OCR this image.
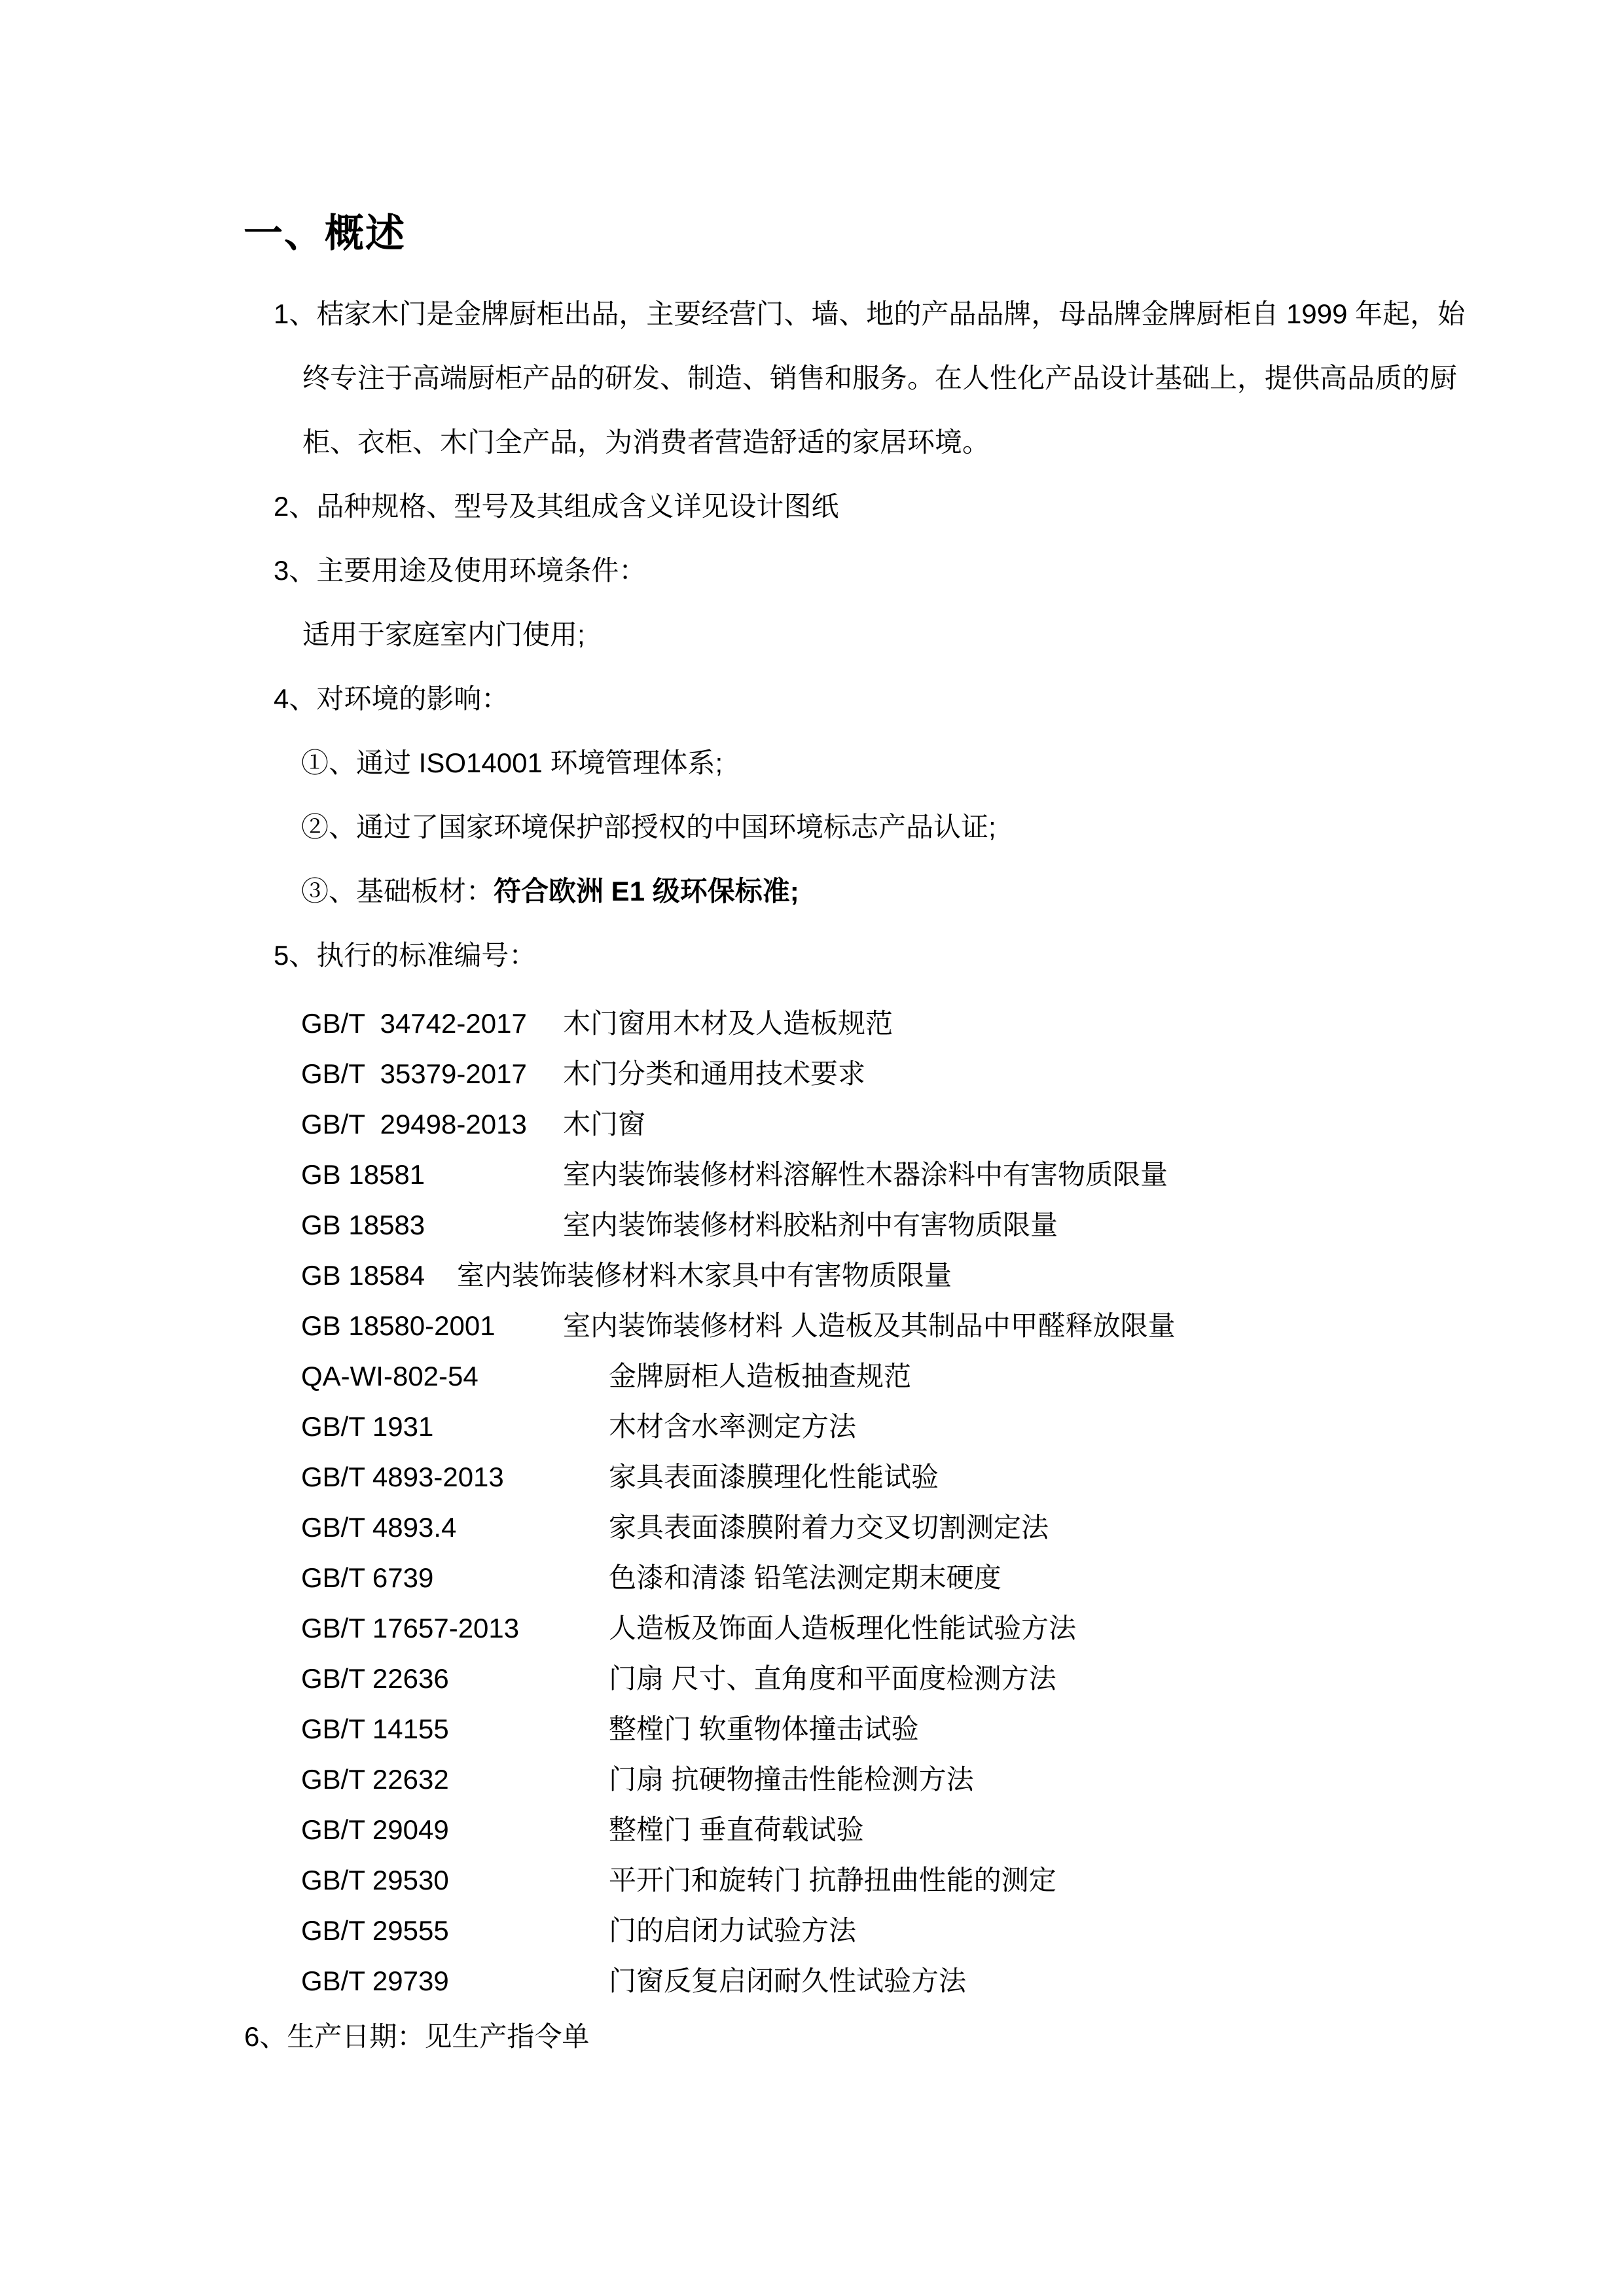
一、概述
1、桔家木门是金牌厨柜出品，主要经营门、墙、地的产品品牌，母品牌金牌厨柜自 1999 年起，始
终专注于高端厨柜产品的研发、制造、销售和服务。在人性化产品设计基础上，提供高品质的厨
柜、衣柜、木门全产品，为消费者营造舒适的家居环境。
2、品种规格、型号及其组成含义详见设计图纸
3、主要用途及使用环境条件：
适用于家庭室内门使用;
4、对环境的影响：
①、通过 ISO14001 环境管理体系;
②、通过了国家环境保护部授权的中国环境标志产品认证;
③、基础板材：符合欧洲 E1 级环保标准;
5、执行的标准编号：
GB/T  34742-2017 木门窗用木材及人造板规范
GB/T  35379-2017 木门分类和通用技术要求
GB/T  29498-2013 木门窗
GB 18581	室内装饰装修材料溶解性木器涂料中有害物质限量
GB 18583	室内装饰装修材料胶粘剂中有害物质限量
GB 18584 室内装饰装修材料木家具中有害物质限量
GB 18580-2001 室内装饰装修材料 人造板及其制品中甲醛释放限量
QA-WI-802-54	金牌厨柜人造板抽查规范
GB/T 1931	木材含水率测定方法
GB/T 4893-2013	家具表面漆膜理化性能试验
GB/T 4893.4	家具表面漆膜附着力交叉切割测定法
GB/T 6739	色漆和清漆 铅笔法测定期末硬度
GB/T 17657-2013	人造板及饰面人造板理化性能试验方法
GB/T 22636	门扇 尺寸、直角度和平面度检测方法
GB/T 14155	整樘门 软重物体撞击试验
GB/T 22632	门扇 抗硬物撞击性能检测方法
GB/T 29049	整樘门 垂直荷载试验
GB/T 29530	平开门和旋转门 抗静扭曲性能的测定
GB/T 29555	门的启闭力试验方法
GB/T 29739	门窗反复启闭耐久性试验方法
6、生产日期：见生产指令单
